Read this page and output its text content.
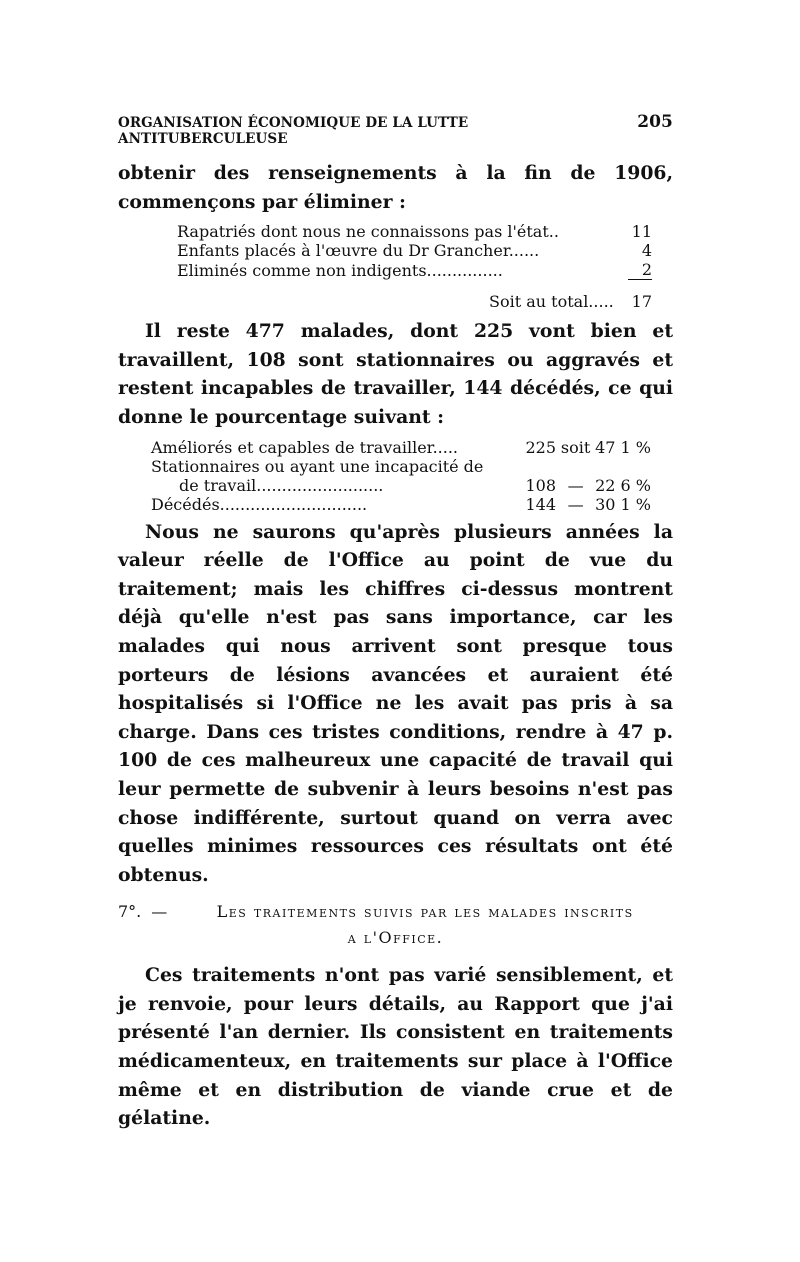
ORGANISATION ÉCONOMIQUE DE LA LUTTE ANTITUBERCULEUSE
205

obtenir des renseignements à la fin de 1906, commençons par éliminer :

Rapatriés dont nous ne connaissons pas l'état..	11
Enfants placés à l'œuvre du Dr Grancher......	4
Eliminés comme non indigents...............	2

Soit au total.....	17

Il reste 477 malades, dont 225 vont bien et travaillent, 108 sont stationnaires ou aggravés et restent incapables de travailler, 144 décédés, ce qui donne le pourcentage suivant :

Améliorés et capables de travailler.....	225	soit	47 1 %
Stationnaires ou ayant une incapacité de			
de travail.........................	108	—	22 6 %
Décédés.............................	144	—	30 1 %

Nous ne saurons qu'après plusieurs années la valeur réelle de l'Office au point de vue du traitement; mais les chiffres ci-dessus montrent déjà qu'elle n'est pas sans importance, car les malades qui nous arrivent sont presque tous porteurs de lésions avancées et auraient été hospitalisés si l'Office ne les avait pas pris à sa charge. Dans ces tristes conditions, rendre à 47 p. 100 de ces malheureux une capacité de travail qui leur permette de subvenir à leurs besoins n'est pas chose indifférente, surtout quand on verra avec quelles minimes ressources ces résultats ont été obtenus.

7°. —	Les traitements suivis par les malades inscrits
a l'Office.

Ces traitements n'ont pas varié sensiblement, et je renvoie, pour leurs détails, au Rapport que j'ai présenté l'an dernier. Ils consistent en traitements médicamenteux, en traitements sur place à l'Office même et en distribution de viande crue et de gélatine.
